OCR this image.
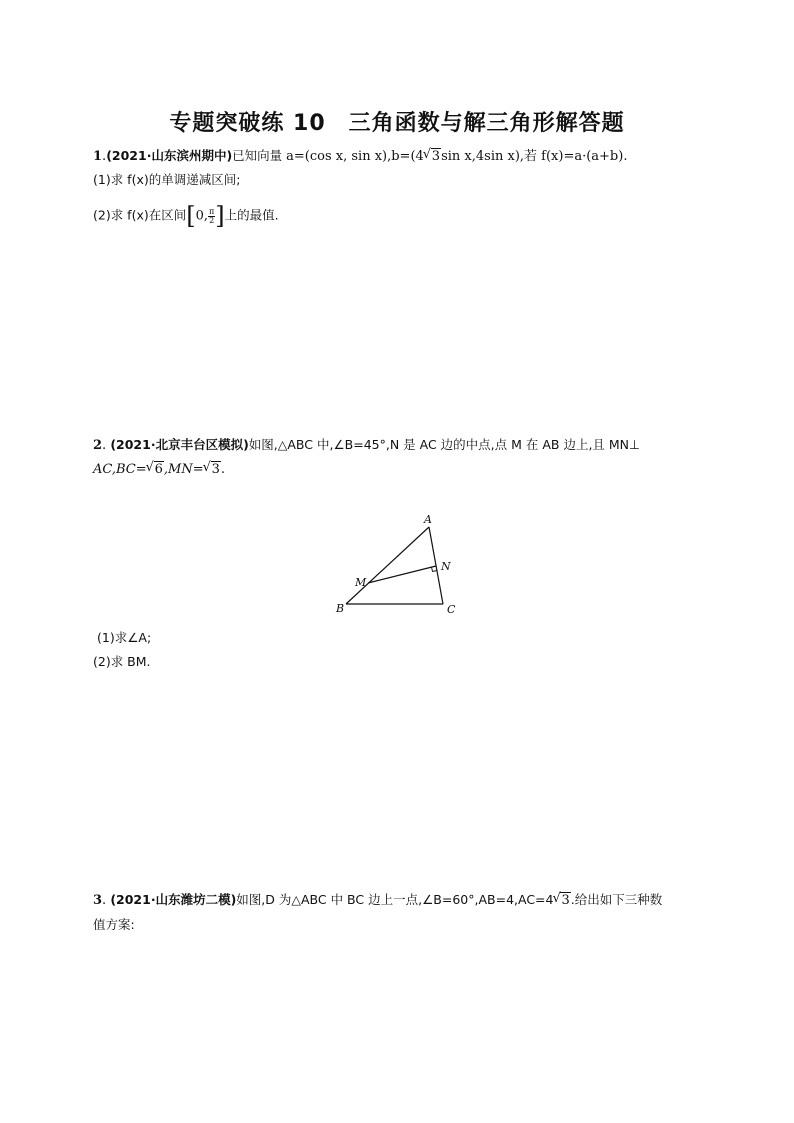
专题突破练 10　三角函数与解三角形解答题
1.(2021·山东滨州期中)已知向量 a=(cos x, sin x),b=(4 √ 3sin x,4sin x),若 f(x)=a·(a+b).
(1)求 f(x)的单调递减区间;
(2)求 f(x)在区间[0, $\frac{\pi}{2}$ ]上的最值.
2. (2021·北京丰台区模拟)如图,△ABC 中,∠B=45°,N 是 AC 边的中点,点 M 在 AB 边上,且 MN⊥
AC,BC= √ 6,MN= √ 3.
A
B	C
M
N
(1)求∠A;
(2)求 BM.
3. (2021·山东潍坊二模)如图,D 为△ABC 中 BC 边上一点,∠B=60°,AB=4,AC=4 √ 3.给出如下三种数
值方案:
